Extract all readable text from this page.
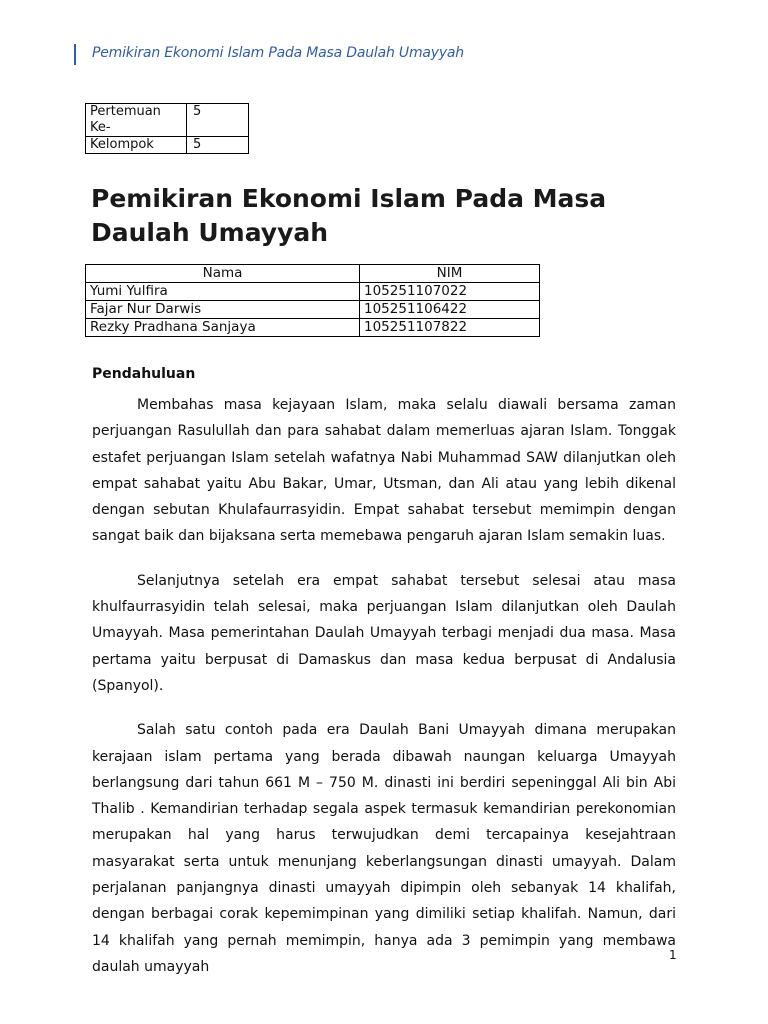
Pemikiran Ekonomi Islam Pada Masa Daulah Umayyah
Pertemuan Ke-	5
Kelompok	5
Pemikiran Ekonomi Islam Pada Masa Daulah Umayyah
Nama	NIM
Yumi Yulfira	105251107022
Fajar Nur Darwis	105251106422
Rezky Pradhana Sanjaya	105251107822
Pendahuluan

Membahas masa kejayaan Islam, maka selalu diawali bersama zaman perjuangan Rasulullah dan para sahabat dalam memerluas ajaran Islam. Tonggak estafet perjuangan Islam setelah wafatnya Nabi Muhammad SAW dilanjutkan oleh empat sahabat yaitu Abu Bakar, Umar, Utsman, dan Ali atau yang lebih dikenal dengan sebutan Khulafaurrasyidin. Empat sahabat tersebut memimpin dengan sangat baik dan bijaksana serta memebawa pengaruh ajaran Islam semakin luas.

Selanjutnya setelah era empat sahabat tersebut selesai atau masa khulfaurrasyidin telah selesai, maka perjuangan Islam dilanjutkan oleh Daulah Umayyah. Masa pemerintahan Daulah Umayyah terbagi menjadi dua masa. Masa pertama yaitu berpusat di Damaskus dan masa kedua berpusat di Andalusia (Spanyol).

Salah satu contoh pada era Daulah Bani Umayyah dimana merupakan kerajaan islam pertama yang berada dibawah naungan keluarga Umayyah berlangsung dari tahun 661 M – 750 M. dinasti ini berdiri sepeninggal Ali bin Abi Thalib . Kemandirian terhadap segala aspek termasuk kemandirian perekonomian merupakan hal yang harus terwujudkan demi tercapainya kesejahtraan masyarakat serta untuk menunjang keberlangsungan dinasti umayyah. Dalam perjalanan panjangnya dinasti umayyah dipimpin oleh sebanyak 14 khalifah, dengan berbagai corak kepemimpinan yang dimiliki setiap khalifah. Namun, dari 14 khalifah yang pernah memimpin, hanya ada 3 pemimpin yang membawa daulah umayyah

1
